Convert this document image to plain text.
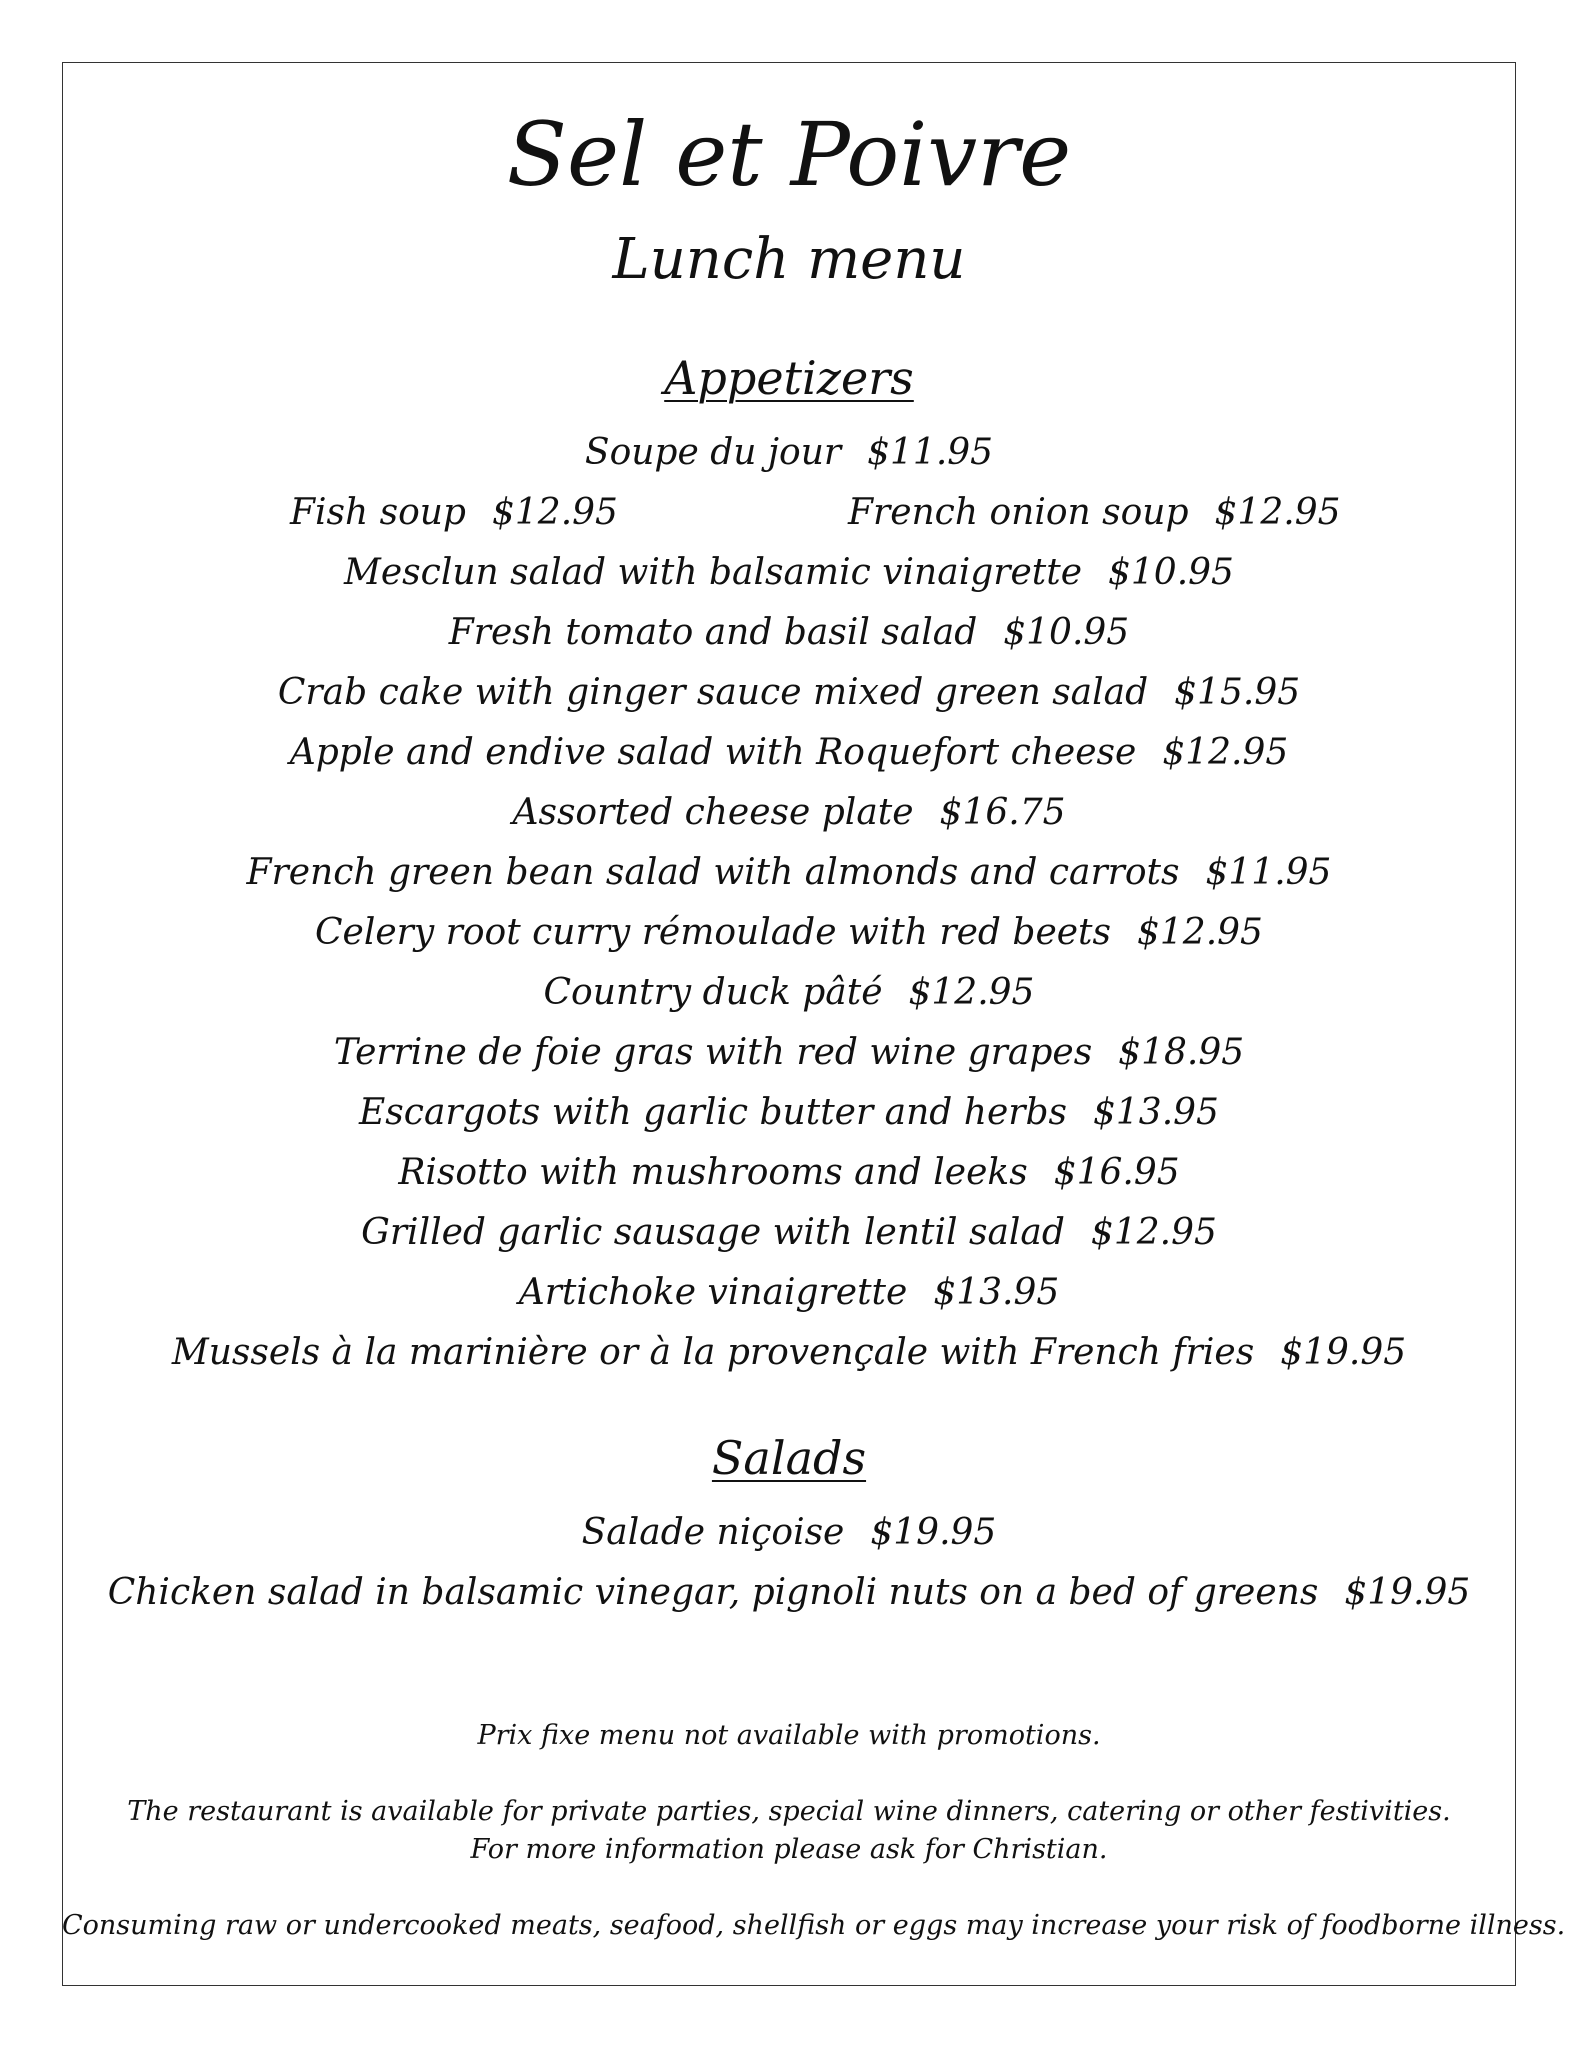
Sel et Poivre
Lunch menu
Appetizers
Soupe du jour $11.95
Fish soup $12.95	French onion soup $12.95
Mesclun salad with balsamic vinaigrette $10.95
Fresh tomato and basil salad $10.95
Crab cake with ginger sauce mixed green salad $15.95
Apple and endive salad with Roquefort cheese $12.95
Assorted cheese plate $16.75
French green bean salad with almonds and carrots $11.95
Celery root curry rémoulade with red beets $12.95
Country duck pâté $12.95
Terrine de foie gras with red wine grapes $18.95
Escargots with garlic butter and herbs $13.95
Risotto with mushrooms and leeks $16.95
Grilled garlic sausage with lentil salad $12.95
Artichoke vinaigrette $13.95
Mussels à la marinière or à la provençale with French fries $19.95
Salads
Salade niçoise $19.95
Chicken salad in balsamic vinegar, pignoli nuts on a bed of greens $19.95
Prix fixe menu not available with promotions.
The restaurant is available for private parties, special wine dinners, catering or other festivities.
For more information please ask for Christian.
Consuming raw or undercooked meats, seafood, shellfish or eggs may increase your risk of foodborne illness.
